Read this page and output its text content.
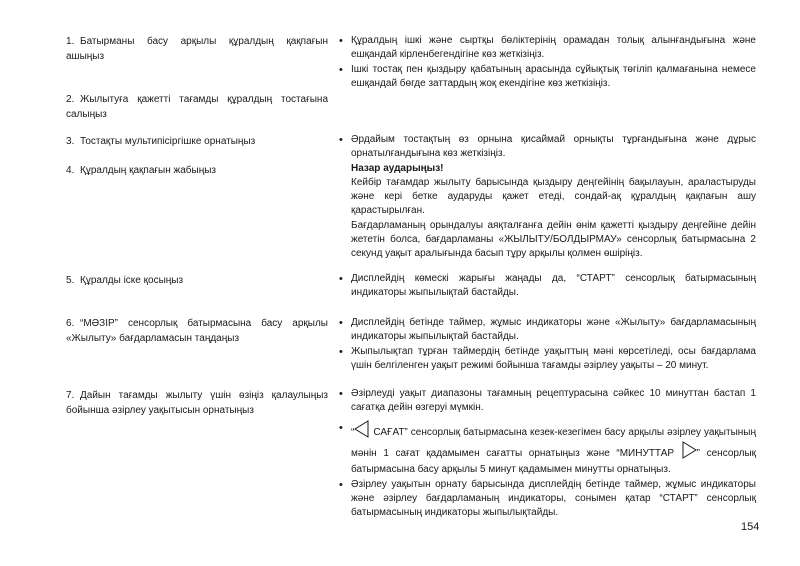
1. Батырманы басу арқылы құралдың қақпағын ашыңыз
2. Жылытуға қажетті тағамды құралдың тостағына салыңыз
3. Тостақты мультипісіргішке орнатыңыз
4. Құралдың қақпағын жабыңыз
5. Құралды іске қосыңыз
6. “МӘЗІР” сенсорлық батырмасына басу арқылы «Жылыту» бағдарламасын таңдаңыз
7. Дайын тағамды жылыту үшін өзіңіз қалаулыңыз бойынша әзірлеу уақытысын орнатыңыз
• Құралдың ішкі және сыртқы бөліктерінің орамадан толық алынғандығына және ешқандай кірленбегендігіне көз жеткізіңіз.
• Ішкі тостақ пен қыздыру қабатының арасында сұйықтық төгіліп қалмағанына немесе ешқандай бөгде заттардың жоқ екендігіне көз жеткізіңіз.
• Әрдайым тостақтың өз орнына қисаймай орнықты тұрғандығына және дұрыс орнатылғандығына көз жеткізіңіз.
Назар аударыңыз!
Кейбір тағамдар жылыту барысында қыздыру деңгейінің бақылауын, араластыруды және кері бетке аударуды қажет етеді, сондай-ақ құралдың қақпағын ашу қарастырылған.
Бағдарламаның орындалуы аяқталғанға дейін өнім қажетті қыздыру деңгейіне дейін жететін болса, бағдарламаны «ЖЫЛЫТУ/БОЛДЫРМАУ» сенсорлық батырмасына 2 секунд уақыт аралығында басып тұру арқылы қолмен өшіріңіз.
• Дисплейдің көмескі жарығы жаңады да, “СТАРТ” сенсорлық батырмасының индикаторы жыпылықтай бастайды.
• Дисплейдің бетінде таймер, жұмыс индикаторы және «Жылыту» бағдарламасының индикаторы жыпылықтай бастайды.
• Жыпылықтап тұрған таймердің бетінде уақыттың мәні көрсетіледі, осы бағдарлама үшін белгіленген уақыт режимі бойынша тағамды әзірлеу уақыты – 20 минут.
• Әзірлеуді уақыт диапазоны тағамның рецептурасына сәйкес 10 минуттан бастап 1 сағатқа дейін өзгеруі мүмкін.
• “ САҒАТ” сенсорлық батырмасына кезек-кезегімен басу арқылы әзірлеу уақытының мәнін 1 сағат қадамымен сағатты орнатыңыз және “МИНУТТАР ” сенсорлық батырмасына басу арқылы 5 минут қадамымен минутты орнатыңыз.
• Әзірлеу уақытын орнату барысында дисплейдің бетінде таймер, жұмыс индикаторы және әзірлеу бағдарламаның индикаторы, сонымен қатар “СТАРТ” сенсорлық батырмасының индикаторы жыпылықтайды.
154
